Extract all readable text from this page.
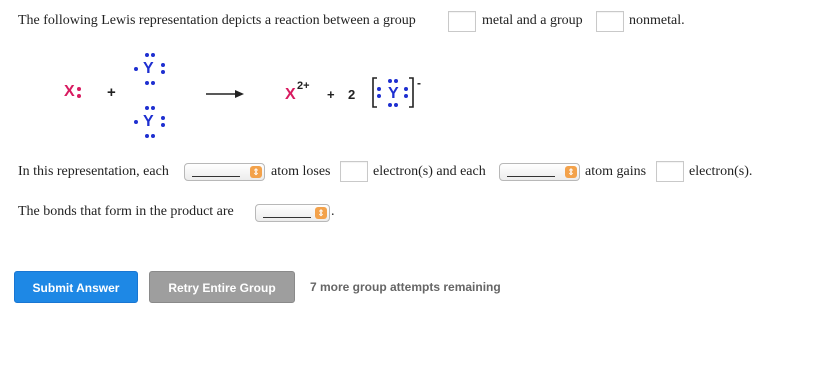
The following Lewis representation depicts a reaction between a group	metal and a group	nonmetal.
X +
Y
Y
X 2+
+ 2 Y
-
In this representation, each	⇕ atom loses	electron(s) and each	⇕ atom gains	electron(s).
The bonds that form in the product are	⇕ .
Submit Answer	Retry Entire Group	7 more group attempts remaining
